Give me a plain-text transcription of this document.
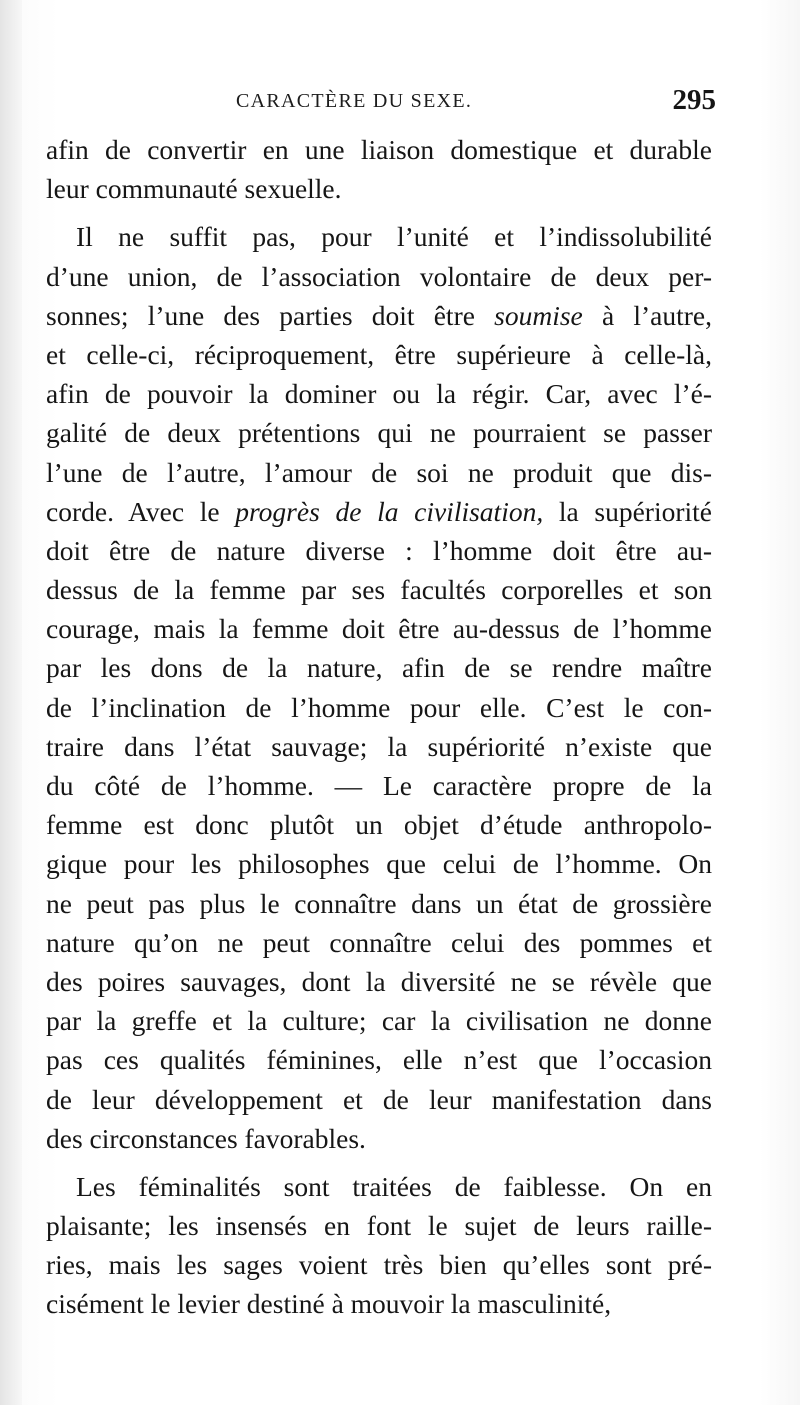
CARACTÈRE DU SEXE.	295
afin de convertir en une liaison domestique et durable
leur communauté sexuelle.
Il ne suffit pas, pour l’unité et l’indissolubilité
d’une union, de l’association volontaire de deux per-
sonnes; l’une des parties doit être soumise à l’autre,
et celle-ci, réciproquement, être supérieure à celle-là,
afin de pouvoir la dominer ou la régir. Car, avec l’é-
galité de deux prétentions qui ne pourraient se passer
l’une de l’autre, l’amour de soi ne produit que dis-
corde. Avec le progrès de la civilisation, la supériorité
doit être de nature diverse : l’homme doit être au-
dessus de la femme par ses facultés corporelles et son
courage, mais la femme doit être au-dessus de l’homme
par les dons de la nature, afin de se rendre maître
de l’inclination de l’homme pour elle. C’est le con-
traire dans l’état sauvage; la supériorité n’existe que
du côté de l’homme. — Le caractère propre de la
femme est donc plutôt un objet d’étude anthropolo-
gique pour les philosophes que celui de l’homme. On
ne peut pas plus le connaître dans un état de grossière
nature qu’on ne peut connaître celui des pommes et
des poires sauvages, dont la diversité ne se révèle que
par la greffe et la culture; car la civilisation ne donne
pas ces qualités féminines, elle n’est que l’occasion
de leur développement et de leur manifestation dans
des circonstances favorables.
Les féminalités sont traitées de faiblesse. On en
plaisante; les insensés en font le sujet de leurs raille-
ries, mais les sages voient très bien qu’elles sont pré-
cisément le levier destiné à mouvoir la masculinité,
